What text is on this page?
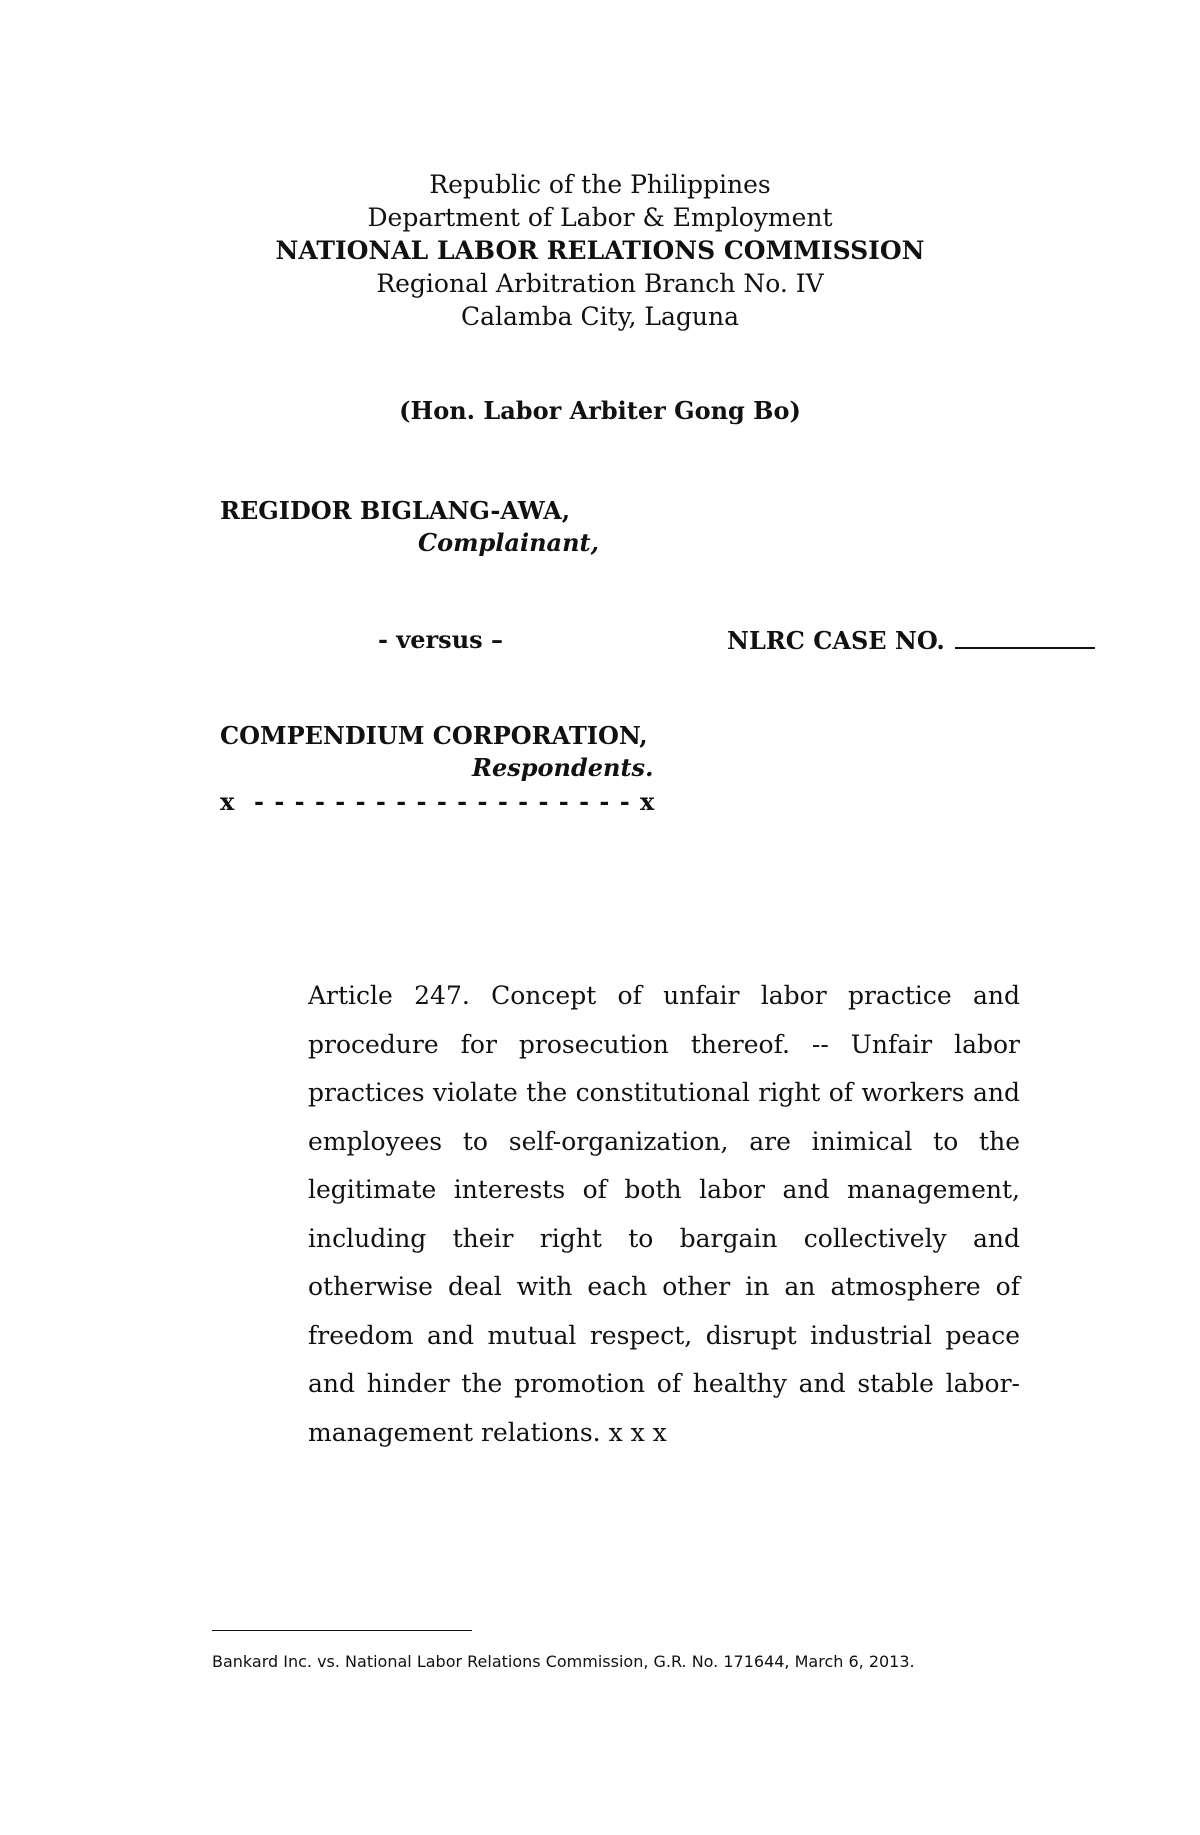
Republic of the Philippines
Department of Labor & Employment
NATIONAL LABOR RELATIONS COMMISSION
Regional Arbitration Branch No. IV
Calamba City, Laguna
(Hon. Labor Arbiter Gong Bo)
REGIDOR BIGLANG-AWA,
Complainant,
- versus –	NLRC CASE NO.
COMPENDIUM CORPORATION,
Respondents.
x  - - - - - - - - - - - - - - - - - - - x
Article 247. Concept of unfair labor practice and procedure for prosecution thereof. -- Unfair labor practices violate the constitutional right of workers and employees to self-organization, are inimical to the legitimate interests of both labor and management, including their right to bargain collectively and otherwise deal with each other in an atmosphere of freedom and mutual respect, disrupt industrial peace and hinder the promotion of healthy and stable labor-management relations. x x x
Bankard Inc. vs. National Labor Relations Commission, G.R. No. 171644, March 6, 2013.
